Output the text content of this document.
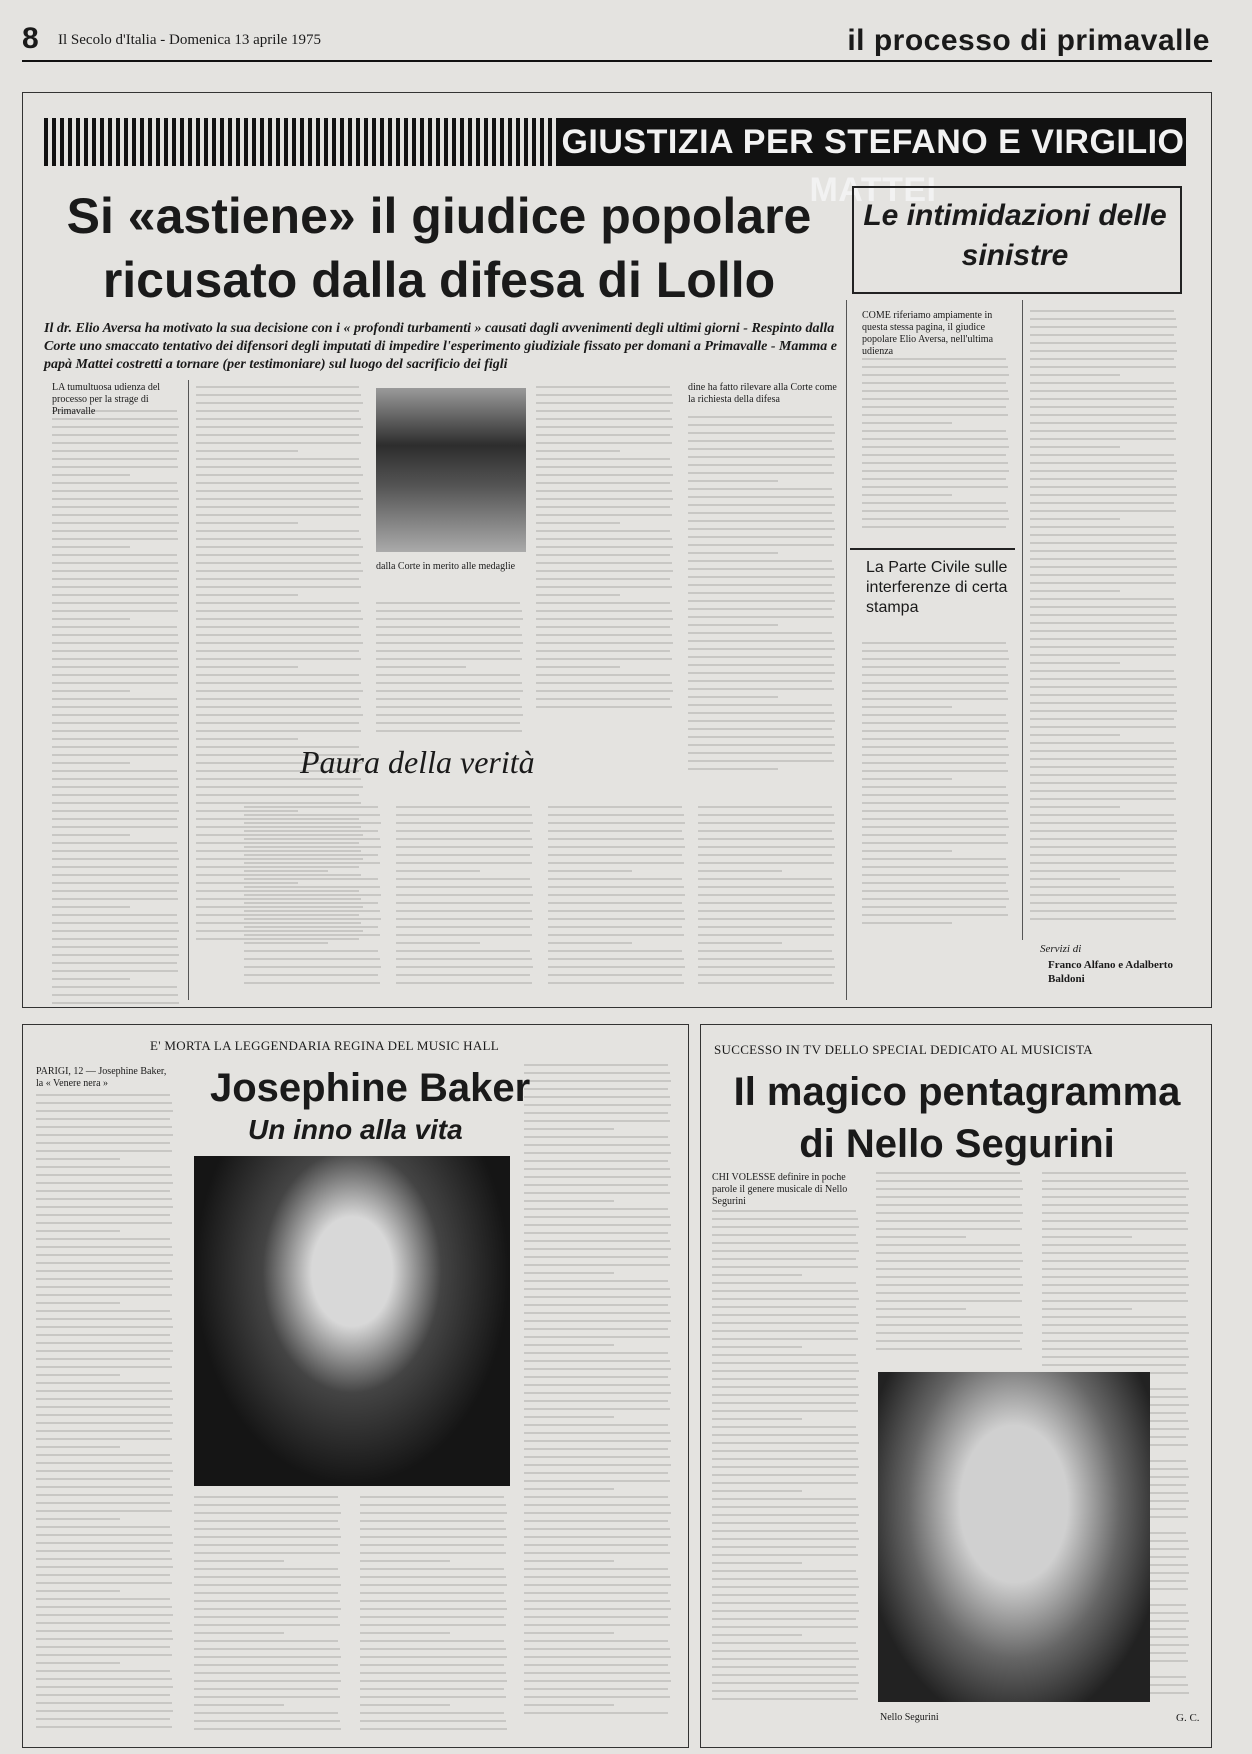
8 Il Secolo d'Italia - Domenica 13 aprile 1975	il processo di primavalle
GIUSTIZIA PER STEFANO E VIRGILIO MATTEI
Si «astiene» il giudice popolare ricusato dalla difesa di Lollo
Le intimidazioni delle sinistre
Il dr. Elio Aversa ha motivato la sua decisione con i « profondi turbamenti » causati dagli avvenimenti degli ultimi giorni - Respinto dalla Corte uno smaccato tentativo dei difensori degli imputati di impedire l'esperimento giudiziale fissato per domani a Primavalle - Mamma e papà Mattei costretti a tornare (per testimoniare) sul luogo del sacrificio dei figli
LA tumultuosa udienza del processo per la strage di Primavalle
dine ha fatto rilevare alla Corte come la richiesta della difesa
COME riferiamo ampiamente in questa stessa pagina, il giudice popolare Elio Aversa, nell'ultima udienza
dalla Corte in merito alle medaglie
Paura della verità
La Parte Civile sulle interferenze di certa stampa
Servizi di
Franco Alfano e Adalberto Baldoni
E' MORTA LA LEGGENDARIA REGINA DEL MUSIC HALL
Josephine Baker
Un inno alla vita
PARIGI, 12 — Josephine Baker, la « Venere nera »
SUCCESSO IN TV DELLO SPECIAL DEDICATO AL MUSICISTA
Il magico pentagramma di Nello Segurini
CHI VOLESSE definire in poche parole il genere musicale di Nello Segurini
Nello Segurini	G. C.
